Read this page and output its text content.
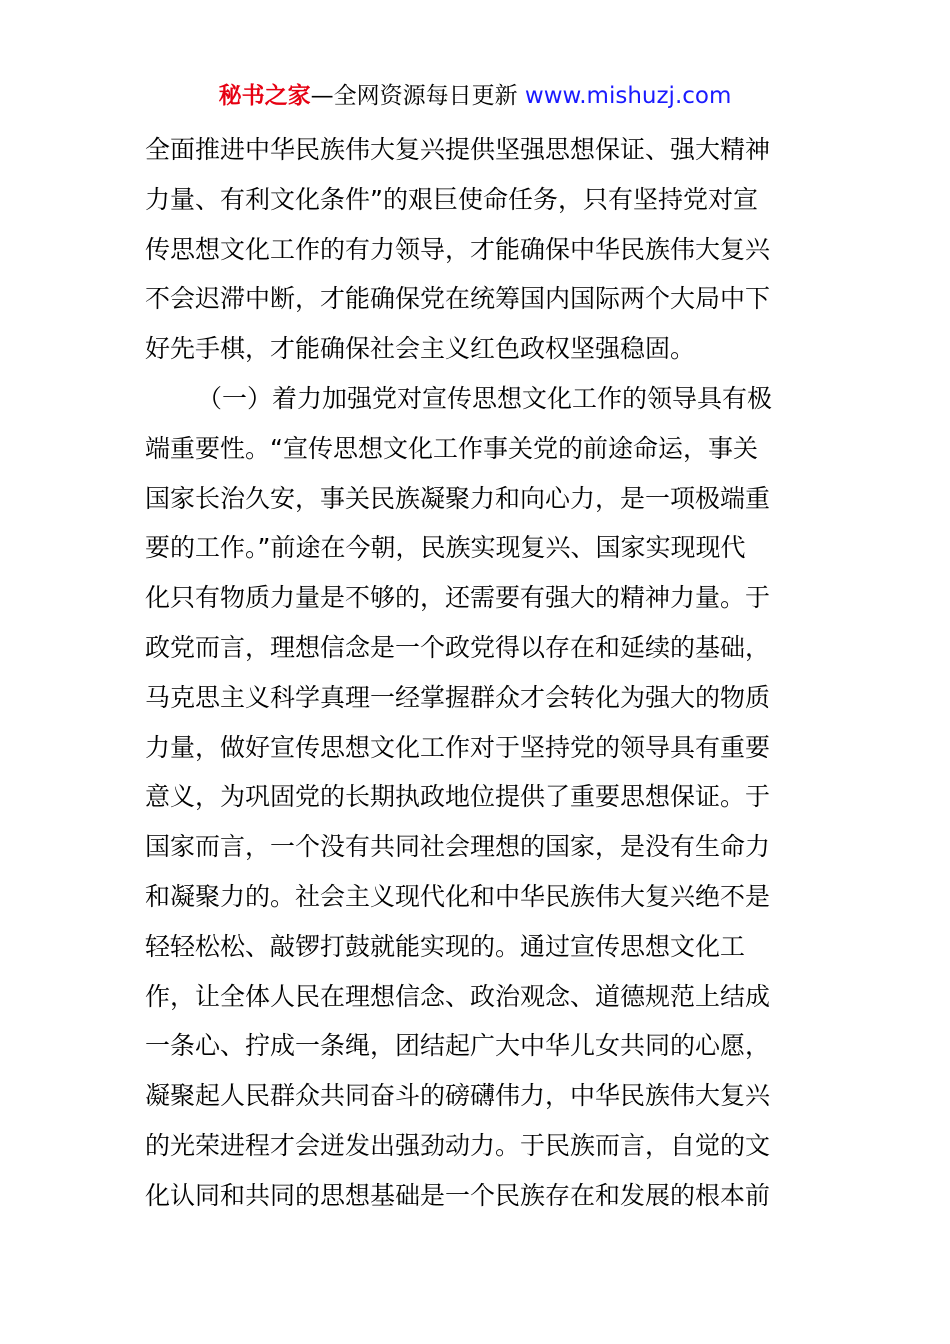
秘书之家—全网资源每日更新 www.mishuzj.com
全面推进中华民族伟大复兴提供坚强思想保证、强大精神
力量、有利文化条件”的艰巨使命任务，只有坚持党对宣
传思想文化工作的有力领导，才能确保中华民族伟大复兴
不会迟滞中断，才能确保党在统筹国内国际两个大局中下
好先手棋，才能确保社会主义红色政权坚强稳固。
（一）着力加强党对宣传思想文化工作的领导具有极
端重要性。“宣传思想文化工作事关党的前途命运，事关
国家长治久安，事关民族凝聚力和向心力，是一项极端重
要的工作。”前途在今朝，民族实现复兴、国家实现现代
化只有物质力量是不够的，还需要有强大的精神力量。于
政党而言，理想信念是一个政党得以存在和延续的基础，
马克思主义科学真理一经掌握群众才会转化为强大的物质
力量，做好宣传思想文化工作对于坚持党的领导具有重要
意义，为巩固党的长期执政地位提供了重要思想保证。于
国家而言，一个没有共同社会理想的国家，是没有生命力
和凝聚力的。社会主义现代化和中华民族伟大复兴绝不是
轻轻松松、敲锣打鼓就能实现的。通过宣传思想文化工
作，让全体人民在理想信念、政治观念、道德规范上结成
一条心、拧成一条绳，团结起广大中华儿女共同的心愿，
凝聚起人民群众共同奋斗的磅礴伟力，中华民族伟大复兴
的光荣进程才会迸发出强劲动力。于民族而言，自觉的文
化认同和共同的思想基础是一个民族存在和发展的根本前
